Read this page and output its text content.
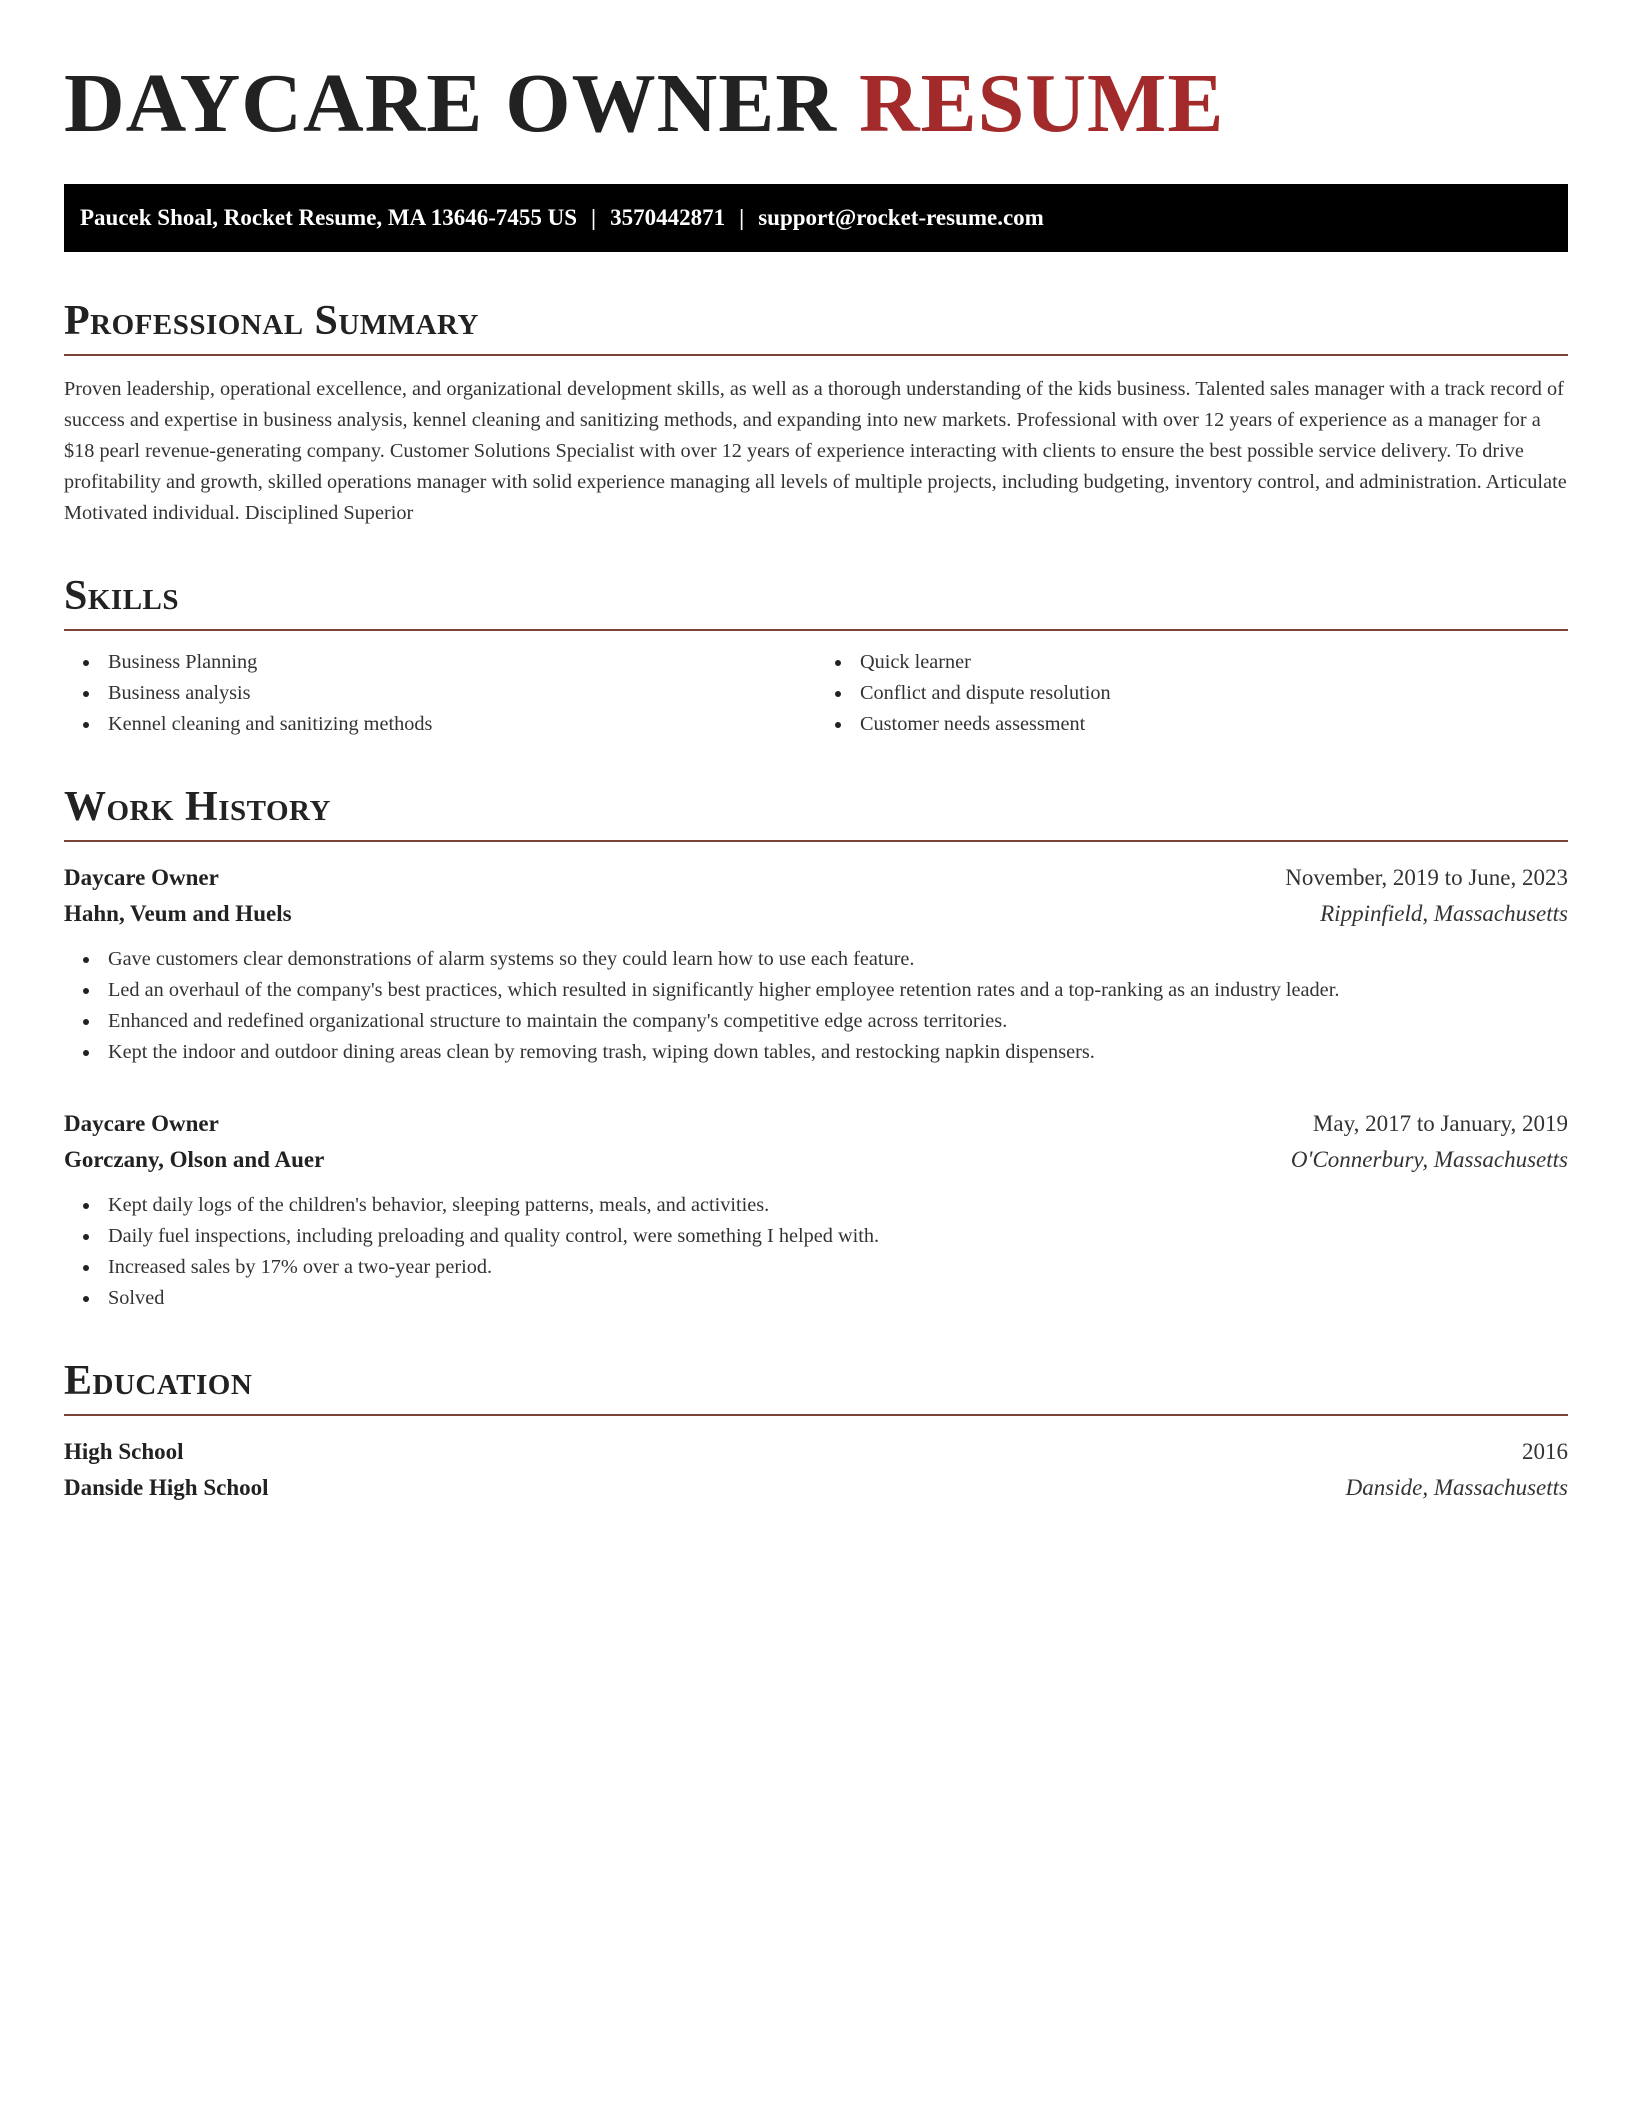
DAYCARE OWNER RESUME
Paucek Shoal, Rocket Resume, MA 13646-7455 US | 3570442871 | support@rocket-resume.com
Professional Summary

Proven leadership, operational excellence, and organizational development skills, as well as a thorough understanding of the kids business. Talented sales manager with a track record of success and expertise in business analysis, kennel cleaning and sanitizing methods, and expanding into new markets. Professional with over 12 years of experience as a manager for a $18 pearl revenue-generating company. Customer Solutions Specialist with over 12 years of experience interacting with clients to ensure the best possible service delivery. To drive profitability and growth, skilled operations manager with solid experience managing all levels of multiple projects, including budgeting, inventory control, and administration. Articulate Motivated individual. Disciplined Superior

Skills
Business Planning
Business analysis
Kennel cleaning and sanitizing methods
Quick learner
Conflict and dispute resolution
Customer needs assessment
Work History
Daycare Owner	November, 2019 to June, 2023
Hahn, Veum and Huels	Rippinfield, Massachusetts
Gave customers clear demonstrations of alarm systems so they could learn how to use each feature.
Led an overhaul of the company's best practices, which resulted in significantly higher employee retention rates and a top-ranking as an industry leader.
Enhanced and redefined organizational structure to maintain the company's competitive edge across territories.
Kept the indoor and outdoor dining areas clean by removing trash, wiping down tables, and restocking napkin dispensers.
Daycare Owner	May, 2017 to January, 2019
Gorczany, Olson and Auer	O'Connerbury, Massachusetts
Kept daily logs of the children's behavior, sleeping patterns, meals, and activities.
Daily fuel inspections, including preloading and quality control, were something I helped with.
Increased sales by 17% over a two-year period.
Solved
Education
High School	2016
Danside High School	Danside, Massachusetts
